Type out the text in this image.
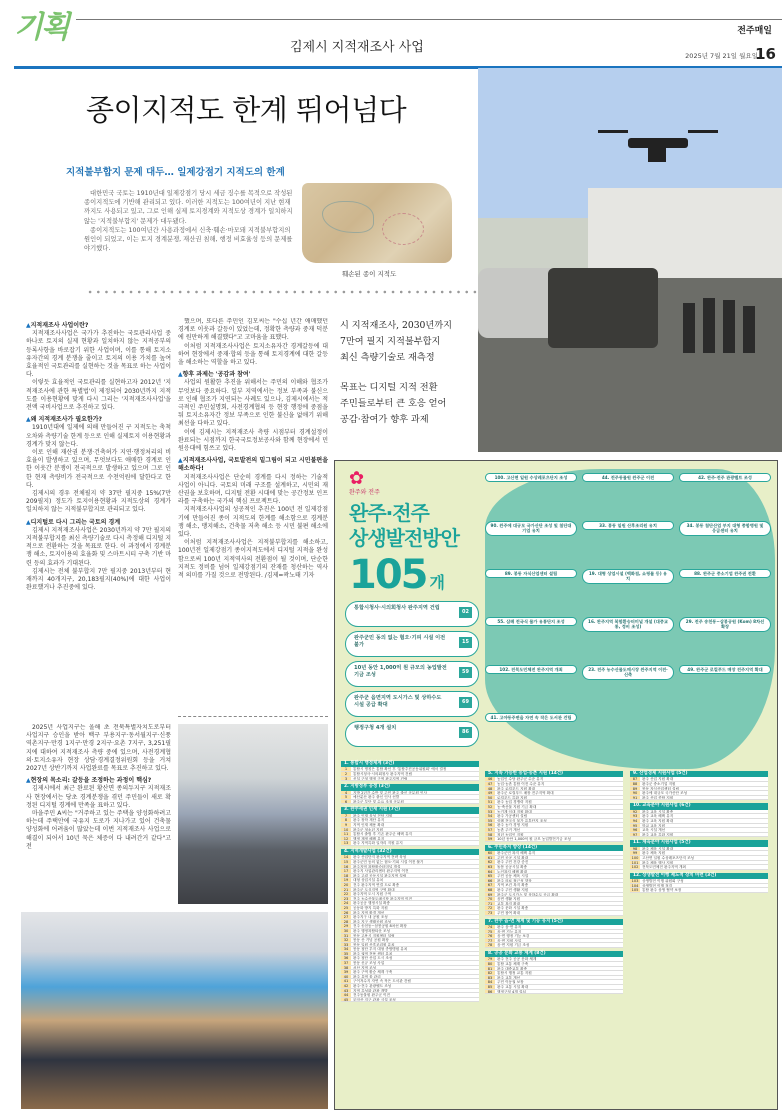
기획
김제시 지적재조사 사업
전주매일
2025년 7월 21일 월요일
16
종이지적도 한계 뛰어넘다
지적불부합지 문제 대두… 일제강점기 지적도의 한계

대한민국 국토는 1910년대 일제강점기 당시 세금 징수를 목적으로 작성된 종이지적도에 기반해 관리되고 있다. 이러한 지적도는 100여년이 지난 현재까지도 사용되고 있고, 그로 인해 실제 토지경계와 지적도상 경계가 일치하지 않는 '지적불부합지' 문제가 대두됐다.

종이지적도는 100여년간 사용과정에서 신축·훼손·마모돼 지적불부합지의 원인이 되었고, 이는 토지 경계분쟁, 재산권 침해, 행정 비효율성 등의 문제를 야기했다.

훼손된 종이 지적도
▲ 지적재조사 사업이란?

지적재조사사업은 국가가 추진하는 국토관리사업 중 하나로 토지의 실제 현황과 일치하지 않는 지적공부의 등록사항을 바로잡기 위한 사업이며, 이를 통해 토지소유자간의 경계 분쟁을 줄이고 토지의 이용 가치를 높여 효율적인 국토관리를 실현하는 것을 목표로 하는 사업이다.

이렇듯 효율적인 국토관리를 실현하고자 2012년 '지적재조사에 관한 특별법'이 제정되어 2030년까지 지적도를 이용현황에 맞게 다시 그리는 '지적재조사사업'을 전액 국비사업으로 추진하고 있다.

▲ 왜 지적재조사가 필요한가?

1910년대에 일제에 의해 만들어진 구 지적도는 축척오차와 측량기술 한계 등으로 인해 실제토지 이용현황과 경계가 맞지 않는다.

이로 인해 재산권 분쟁·건축허가 지연·행정처리의 비효율이 발생하고 있으며, 무엇보다도 애매한 경계로 인한 이웃간 분쟁이 전국적으로 발생하고 있으며 그로 인한 현재 측량비가 전국적으로 수천억원에 달한다고 한다.

김제시의 경우 전체필지 약 37만 필지중 15%(7만209필지) 정도가 토지이용현황과 지적도상의 경계가 일치하지 않는 지적불부합지로 관리되고 있다.

▲ 디지털로 다시 그리는 국토의 경계

김제시 지적재조사사업은 2030년까지 약 7만 필지의 지적불부합지를 최신 측량기술로 다시 측정해 디지털 지적으로 전환하는 것을 목표로 한다. 이 과정에서 경계분쟁 해소, 토지이용의 효율화 및 스마트시티 구축 기반 마련 등의 효과가 기대된다.

김제시는 전체 불부합지 7만 필지중 2013년부터 현재까지 40개지구, 20,183필지(40%)에 대한 사업이 완료했거나 추진중에 있다.

2025년 사업지구는 올해 초 전북특별자치도로부터 사업지구 승인을 받아 백구 부용지구·동서월지구·신풍 역촌지구·만경 1지구·만경 2지구·요촌 7지구, 3,251필지에 대하여 지적재조사 측량 중에 있으며, 사전경계협의·토지소유자 현장 상담·경계결정위원회 등을 거쳐 2027년 상반기까지 사업완료를 목표로 추진하고 있다.

▲ 현장의 목소리: 갈등을 조정하는 과정이 핵심?

김제시에서 최근 완료된 황산면 종의두지구 지적재조사 현장에서는 당초 경계분쟁을 겪던 주민들이 새로 확정된 디지털 경계에 만족을 표하고 있다.

마을주민 A씨는 "거주하고 있는 주택을 양성화하려고 하는데 주택안에 국유지 도로가 지나가고 있어 건축물 양성화에 어려움이 많았는데 이번 지적재조사 사업으로 해결이 되어서 10년 묵은 체증이 다 내려간거 같다"고 전

했으며, 또다른 주민인 김모씨는 "수십 년간 애매했던 경계로 이웃과 갈등이 있었는데, 정확한 측량과 중재 덕분에 원만하게 해결했다"고 고마움을 표했다.

이처럼 지적재조사사업은 토지소유자간 경계갈등에 대하여 현장에서 중재·합의 등을 통해 토지경계에 대한 갈등을 해소하는 역할을 하고 있다.

▲ 향후 과제는 '공감과 참여'

사업의 원활한 추진을 위해서는 주민의 이해와 협조가 무엇보다 중요하다. 일부 지역에서는 정보 부족과 불신으로 인해 협조가 지연되는 사례도 있으나, 김제시에서는 적극적인 주민설명회, 사전경계협의 등 현장 행정에 중점을 둬 토지소유자간 정보 부족으로 인한 불신을 없애기 위해 최선을 다하고 있다.

이에 김제시는 지적재조사 측량 시점부터 경계설정이 완료되는 시점까지 한국국토정보공사와 함께 현장에서 민원응대에 힘쓰고 있다.

▲ 지적재조사사업, 국토발전의 밑그림이 되고 시민불편을 해소하다!

지적재조사사업은 단순히 경계를 다시 정하는 기술적 사업이 아니다. 국토의 미래 구조를 설계하고, 시민의 재산권을 보호하며, 디지털 전환 시대에 맞는 공간정보 인프라를 구축하는 국가의 핵심 프로젝트다.

지적재조사사업의 성공적인 추진은 100년 전 일제강점기에 만들어진 종이 지적도의 한계를 해소함으로 경계분쟁 해소, 맹지해소, 건축물 저촉 해소 등 시민 불편 해소에 있다.

이처럼 지적재조사사업은 지적불부합지를 해소하고, 100년전 일제강점기 종이지적도에서 디지털 지적을 완성함으로써 100년 지적역사의 전환점이 될 것이며, 단순한 지적도 정비를 넘어 일제강점기의 잔재를 청산하는 역사적 의미를 가질 것으로 전망된다. /김제=곽노태 기자

시 지적재조사, 2030년까지
7만여 필지 지적불부합지
최신 측량기술로 재측정
목표는 디지털 지적 전환
주민들로부터 큰 호응 얻어
공감·참여가 향후 과제
✿
완주와 전주
완주·전주
상생발전방안
105 개
통합시청사·시의회청사 완주지역 건립
02
완주군민 동의 없는 혐오·기피 시설 이전 불가	15
10년 동안 1,000억 원 규모의 농업발전기금 조성	59
완주군 읍면지역 도시가스 및 상하수도 시설 공급 확대	69
행정구청 4개 설치
86
100. 고산면 일원 수상레포츠단지 조성	44. 전주동물원 완주군 이전	42. 완주·전주 관광벨트 조성
90. 완주에 대규모 국가산단 조성 및 첨단대기업 유치
33. 봉동 일원 산후조리원 유치	34. 봉동 첨단산업 부지 대형 종합병원 및 응급센터 유치
89. 봉동 자식산업센터 설립	19. 대형 상업시설 (백화점, 쇼핑몰 등) 유치
88. 완주군 중소기업 완주권 전환
55. 삼례 전국식 물가 유통단지 조성	16. 완주지역 복합환승터미널 개설 (대중교통, 정비 조성)
29. 전주 송천동~삼봉공원 (Kom) 8차선 확장
102. 전북도민체전 완주지역 개최	23. 전주 농수산물도매시장 완주지역 이전·신축
49. 완주군 로컬푸드 매장 전주지역 확대
41. 고야동주변을 자연 속 작은 도서관 건립
1. 통합시 행정체계 (3건)
1	통합시 명칭은 통합 확인 후 '통합추진공동위원회' 에서 결정
2	통합시청사·시의회청사 완주지역 건립
3	신설 구청 행정 구역 완주지역 건립
2. 지방정부 공정 (3건)
4	지방 2년간 수반 및 주민 완주 출신 공무원 인사
5	예산분산 완주 출신 인사 선발
6	완주군 부단 및 수요 조절 공무원
3. 완주세권 인재 지원 (7건)
7	완주 인재 육성 전담 지원
8	완주 장학 재단 유지
9	지역 인재 채용 확대
10	완주군 청소년 지원
11	통합시 출범 후 기존 완주군 혜택 유지
12	행정 재정 혜택 유지
13	완주 지역특화 일자리 지원 유지
4. 지역개발사업 (32건)
14	완주 산업단지 완주지역 전략 육성
15	완주군민 동의 없는 혐오·기피 시설 이전 불가
16	완주지역 복합환승터미널 개설
17	완주지 사업관리센터 완주지역 이전
18	완주 고령 공동시설 완주지역 설립
19	대형 상업시설 유치
20	전주 완주지역 연결 도로 확충
21	완주군 도심지역 구역 확대
22	완주지역 도시 지원 구역
23	전주 농수산물도매시장 완주지역 이전
24	완주공공 행정시설 확충
25	공동화 방지 특화 지원
26	완주 지역 환경 개선
27	완주지구 내 공원 조성
28	완주 지구 생태공원 조성
29	전주 송천동~삼봉공원 8차선 확장
30	완주 행정복합타운 조성
31	봉동 고용시 지원센터 설립
32	봉동 산 기념 공원 확장
33	봉동 일원 산후조리원 유치
34	봉동 첨단 부지 대형 종합병원 유치
35	완주 권역 전용 센터 유치
36	완주 첨단 산업 도시 조성
37	봉동 신규 조성 사업
38	서산 지역 조성
39	완주 구역 환승 체계 구축
40	완주 유역 물 관리
41	구이저수지 자연 속 작은 도서관 건립
42	완주·전주 관광벨트 조성
43	지역 특성화 관광 개발
44	전주동물원 완주군 이전
45	모악산 지구 관광 시설 조성
5. 지속 가능한 농업·농촌 지원 (14건)
46	농업인 수당 완주군 수준 유지
47	농업·농촌 통합 이전 수준 유지
48	완주 로컬푸드 지원 확대
49	완주군 로컬푸드 매장 전주지역 확대
50	로컬푸드 특화 지원
51	완주 농업 경쟁력 지원
52	농·축산물 지원 기금 확대
53	농기계 임대 지원 확대
54	완주 가공센터 설립
55	삼례 전국식 물가 유통단지 조성
56	완주 농가 경영 지원
57	농촌 주거 개선
58	청년 농업인 지원
59	10년 동안 1,000억 원 규모 농업발전기금 조성
6. 주민복지 향상 (14건)
60	완주군민 복지 혜택 유지
61	주민 공공 시설 확대
62	완주 주민 건강 증진
63	돌봄 공공시설 확충
64	노인복지 혜택 확대
65	주민 공동 체육 시설
66	완주 의료 접근성 향상
67	지역 보건 복지 확충
68	완주 주민 생활 지원
69	완주군 도시가스 및 상하수도 공급 확대
70	읍면 생활 지원
71	교통 복지 확대
72	완주 문화 시설 확충
73	주민 참여 확대
7. 완주 읍·면 체계 및 기능 유지 (5건)
74	완주 읍·면 유지
75	읍·면 기능 유지
76	읍·면 행정 기능 보강
77	읍·면 지원 사업
78	읍·면 지원 기금 조성
8. 공공 문화 교통 체계 (8건)
79	완주 전주 공공 문화 체계
80	통합 교통 체계 구축
81	완주 대중교통 확충
82	통합시 행정 교통 지원
83	완주 교통 개선
84	주민 이동권 보장
85	완주 교통 시설 확대
86	행정구청 4개 설치
9. 산업경제 지원사업 (5건)
87	완주 산업 지원 확대
88	완주군 중소기업 지원
89	봉동 자식산업센터 설립
90	완주에 대규모 국가산단 조성
91	완주 산업 종합 지원
10. 교육분야 지원사업 (6건)
92	완주 교육 시설 확충
93	완주 교육 혜택 유지
94	완주 교육 지원 확대
95	학교 교육 지원
96	교육 시설 개선
97	완주 교육 특화 지원
11. 체육분야 지원사업 (5건)
98	완주 체육 시설 확대
99	완주 체육 지원
100 고산면 일원 수상레포츠단지 조성
101 완주 체육 행사 지원
102 전북도민체전 완주지역 개최
12. 상생발전 이행 제도적 장치 마련 (3건)
103 상생발전 이행 위원회 구성
104 상생발전 이행 점검
105 통합 완주 상생 협약 보장
